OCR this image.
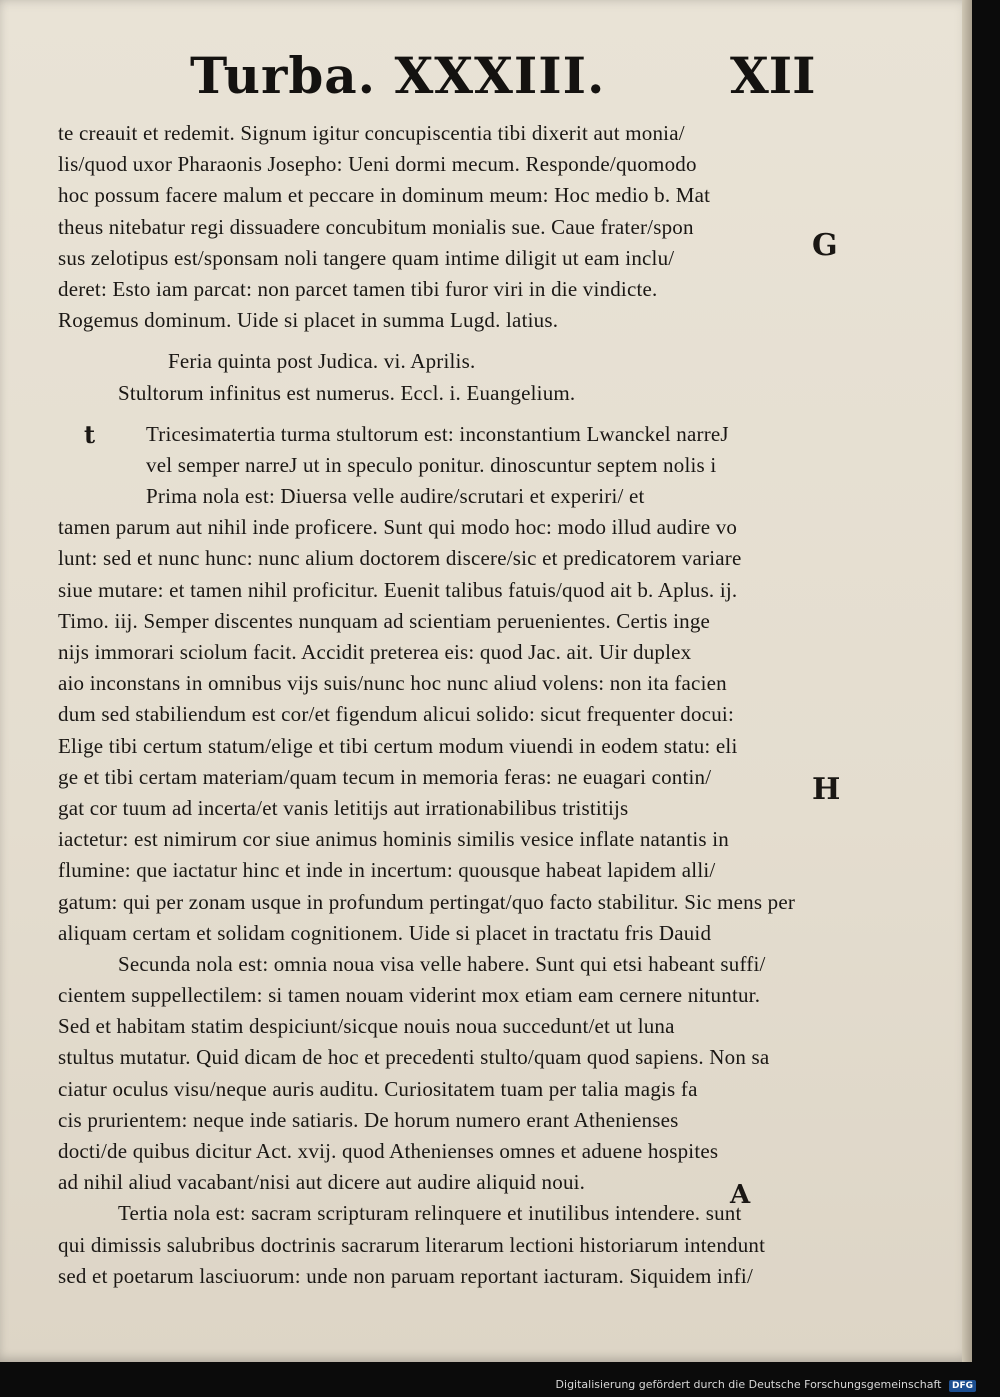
Turba. XXXIII. XII
te creauit et redemit. Signum igitur concupiscentia tibi dixerit aut monia/
lis/quod uxor Pharaonis Josepho: Ueni dormi mecum. Responde/quomodo
hoc possum facere malum et peccare in dominum meum: Hoc medio b. Mat
theus nitebatur regi dissuadere concubitum monialis sue. Caue frater/spon
sus zelotipus est/sponsam noli tangere quam intime diligit ut eam inclu/
deret: Esto iam parcat: non parcet tamen tibi furor viri in die vindicte.
Rogemus dominum. Uide si placet in summa Lugd. latius.
Feria quinta post Judica. vi. Aprilis.
Stultorum infinitus est numerus. Eccl. i. Euangelium.
Tricesimatertia turma stultorum est: inconstantium Lwanckel narreJ
vel semper narreJ ut in speculo ponitur. dinoscuntur septem nolis i
Prima nola est: Diuersa velle audire/scrutari et experiri/ et
tamen parum aut nihil inde proficere. Sunt qui modo hoc: modo illud audire vo
lunt: sed et nunc hunc: nunc alium doctorem discere/sic et predicatorem variare
siue mutare: et tamen nihil proficitur. Euenit talibus fatuis/quod ait b. Aplus. ij.
Timo. iij. Semper discentes nunquam ad scientiam peruenientes. Certis inge
nijs immorari sciolum facit. Accidit preterea eis: quod Jac. ait. Uir duplex
aio inconstans in omnibus vijs suis/nunc hoc nunc aliud volens: non ita facien
dum sed stabiliendum est cor/et figendum alicui solido: sicut frequenter docui:
Elige tibi certum statum/elige et tibi certum modum viuendi in eodem statu: eli
ge et tibi certam materiam/quam tecum in memoria feras: ne euagari contin/
gat cor tuum ad incerta/et vanis letitijs aut irrationabilibus tristitijs
iactetur: est nimirum cor siue animus hominis similis vesice inflate natantis in
flumine: que iactatur hinc et inde in incertum: quousque habeat lapidem alli/
gatum: qui per zonam usque in profundum pertingat/quo facto stabilitur. Sic mens per
aliquam certam et solidam cognitionem. Uide si placet in tractatu fris Dauid
Secunda nola est: omnia noua visa velle habere. Sunt qui etsi habeant suffi/
cientem suppellectilem: si tamen nouam viderint mox etiam eam cernere nituntur.
Sed et habitam statim despiciunt/sicque nouis noua succedunt/et ut luna
stultus mutatur. Quid dicam de hoc et precedenti stulto/quam quod sapiens. Non sa
ciatur oculus visu/neque auris auditu. Curiositatem tuam per talia magis fa
cis prurientem: neque inde satiaris. De horum numero erant Athenienses
docti/de quibus dicitur Act. xvij. quod Athenienses omnes et aduene hospites
ad nihil aliud vacabant/nisi aut dicere aut audire aliquid noui.
Tertia nola est: sacram scripturam relinquere et inutilibus intendere. sunt
qui dimissis salubribus doctrinis sacrarum literarum lectioni historiarum intendunt
sed et poetarum lasciuorum: unde non paruam reportant iacturam. Siquidem infi/
G
t
H
A
Digitalisierung gefördert durch die Deutsche Forschungsgemeinschaft DFG
